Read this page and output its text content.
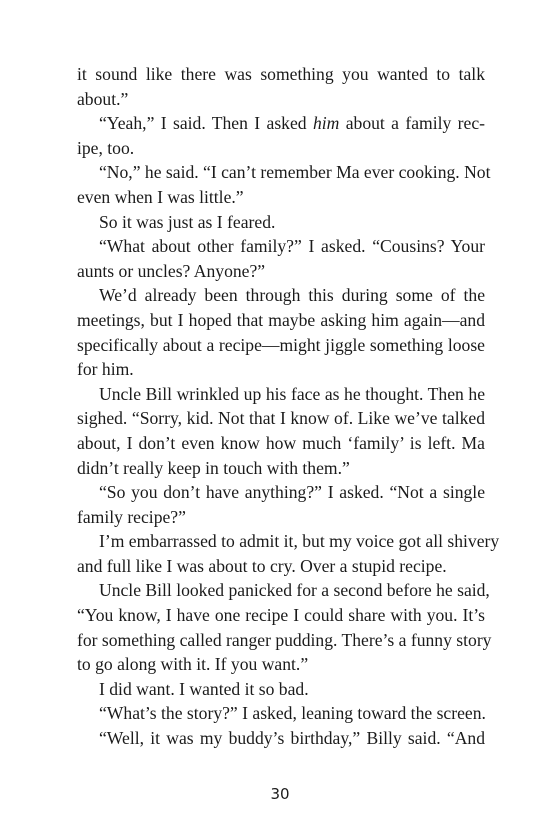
it sound like there was something you wanted to talk
about.”
“Yeah,” I said. Then I asked him about a family rec-
ipe, too.
“No,” he said. “I can’t remember Ma ever cooking. Not
even when I was little.”
So it was just as I feared.
“What about other family?” I asked. “Cousins? Your
aunts or uncles? Anyone?”
We’d already been through this during some of the
meetings, but I hoped that maybe asking him again—and
specifically about a recipe—might jiggle something loose
for him.
Uncle Bill wrinkled up his face as he thought. Then he
sighed. “Sorry, kid. Not that I know of. Like we’ve talked
about, I don’t even know how much ‘family’ is left. Ma
didn’t really keep in touch with them.”
“So you don’t have anything?” I asked. “Not a single
family recipe?”
I’m embarrassed to admit it, but my voice got all shivery
and full like I was about to cry. Over a stupid recipe.
Uncle Bill looked panicked for a second before he said,
“You know, I have one recipe I could share with you. It’s
for something called ranger pudding. There’s a funny story
to go along with it. If you want.”
I did want. I wanted it so bad.
“What’s the story?” I asked, leaning toward the screen.
“Well, it was my buddy’s birthday,” Billy said. “And
30
